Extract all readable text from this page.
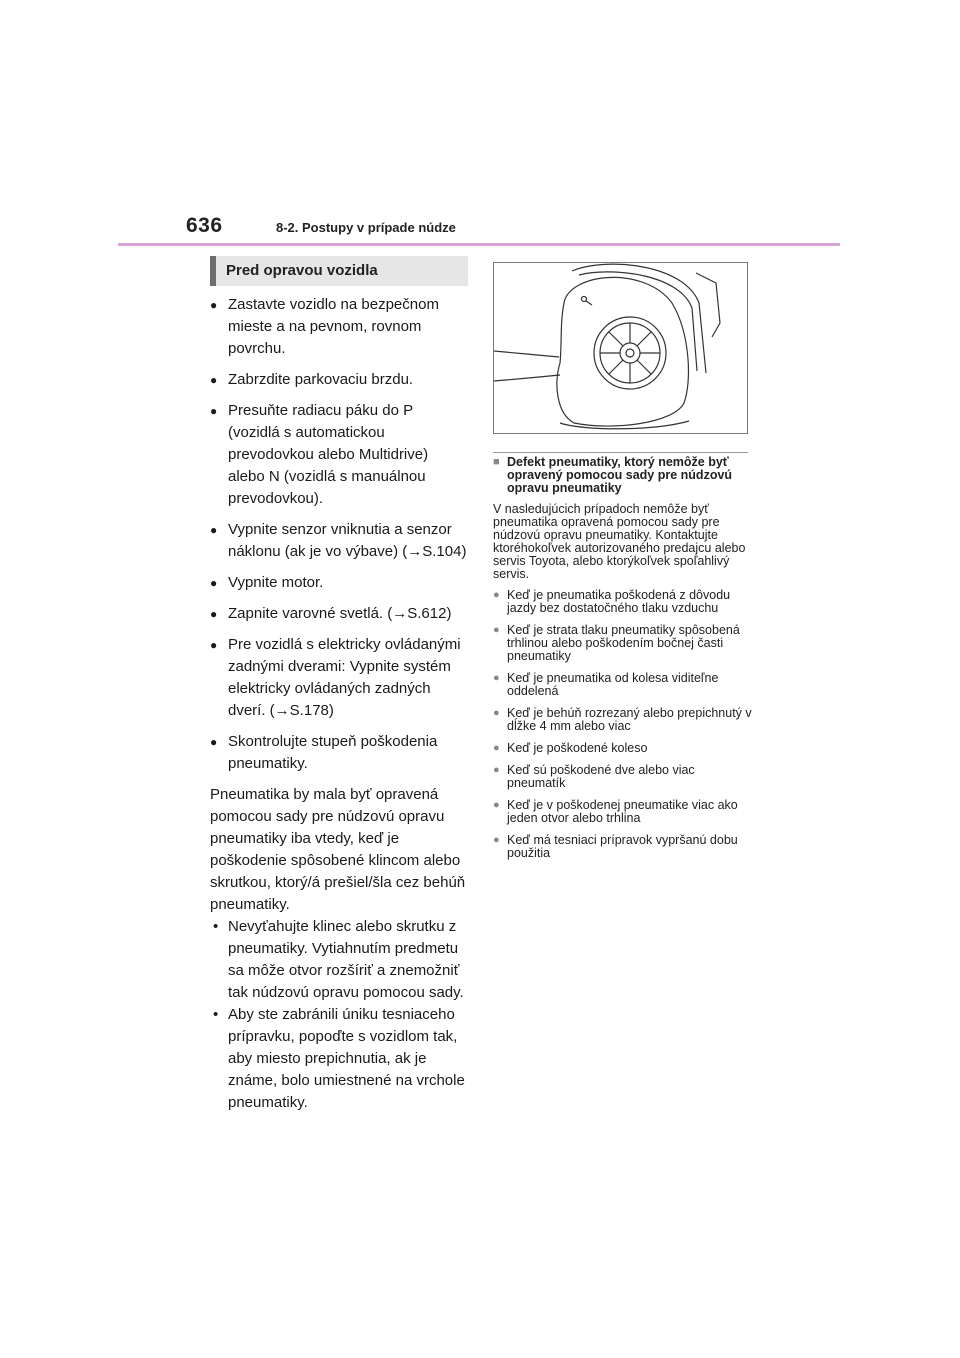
636	8-2. Postupy v prípade núdze
Pred opravou vozidla
● Zastavte vozidlo na bezpečnom mieste a na pevnom, rovnom povrchu.
● Zabrzdite parkovaciu brzdu.
● Presuňte radiacu páku do P (vozidlá s automatickou prevodovkou alebo Multidrive) alebo N (vozidlá s manuálnou prevodovkou).
● Vypnite senzor vniknutia a senzor náklonu (ak je vo výbave) (→S.104)
● Vypnite motor.
● Zapnite varovné svetlá. (→S.612)
● Pre vozidlá s elektricky ovládanými zadnými dverami: Vypnite systém elektricky ovládaných zadných dverí. (→S.178)
● Skontrolujte stupeň poškodenia pneumatiky.
Pneumatika by mala byť opravená pomocou sady pre núdzovú opravu pneumatiky iba vtedy, keď je poškodenie spôsobené klincom alebo skrutkou, ktorý/á prešiel/šla cez behúň pneumatiky.
• Nevyťahujte klinec alebo skrutku z pneumatiky. Vytiahnutím predmetu sa môže otvor rozšíriť a znemožniť tak núdzovú opravu pomocou sady.
• Aby ste zabránili úniku tesniaceho prípravku, popoďte s vozidlom tak, aby miesto prepichnutia, ak je známe, bolo umiestnené na vrchole pneumatiky.
■ Defekt pneumatiky, ktorý nemôže byť opravený pomocou sady pre núdzovú opravu pneumatiky
V nasledujúcich prípadoch nemôže byť pneumatika opravená pomocou sady pre núdzovú opravu pneumatiky. Kontaktujte ktoréhokoľvek autorizovaného predajcu alebo servis Toyota, alebo ktorýkoľvek spoľahlivý servis.
● Keď je pneumatika poškodená z dôvodu jazdy bez dostatočného tlaku vzduchu
● Keď je strata tlaku pneumatiky spôsobená trhlinou alebo poškodením bočnej časti pneumatiky
● Keď je pneumatika od kolesa viditeľne oddelená
● Keď je behúň rozrezaný alebo prepichnutý v dĺžke 4 mm alebo viac
● Keď je poškodené koleso
● Keď sú poškodené dve alebo viac pneumatík
● Keď je v poškodenej pneumatike viac ako jeden otvor alebo trhlina
● Keď má tesniaci prípravok vypršanú dobu použitia
